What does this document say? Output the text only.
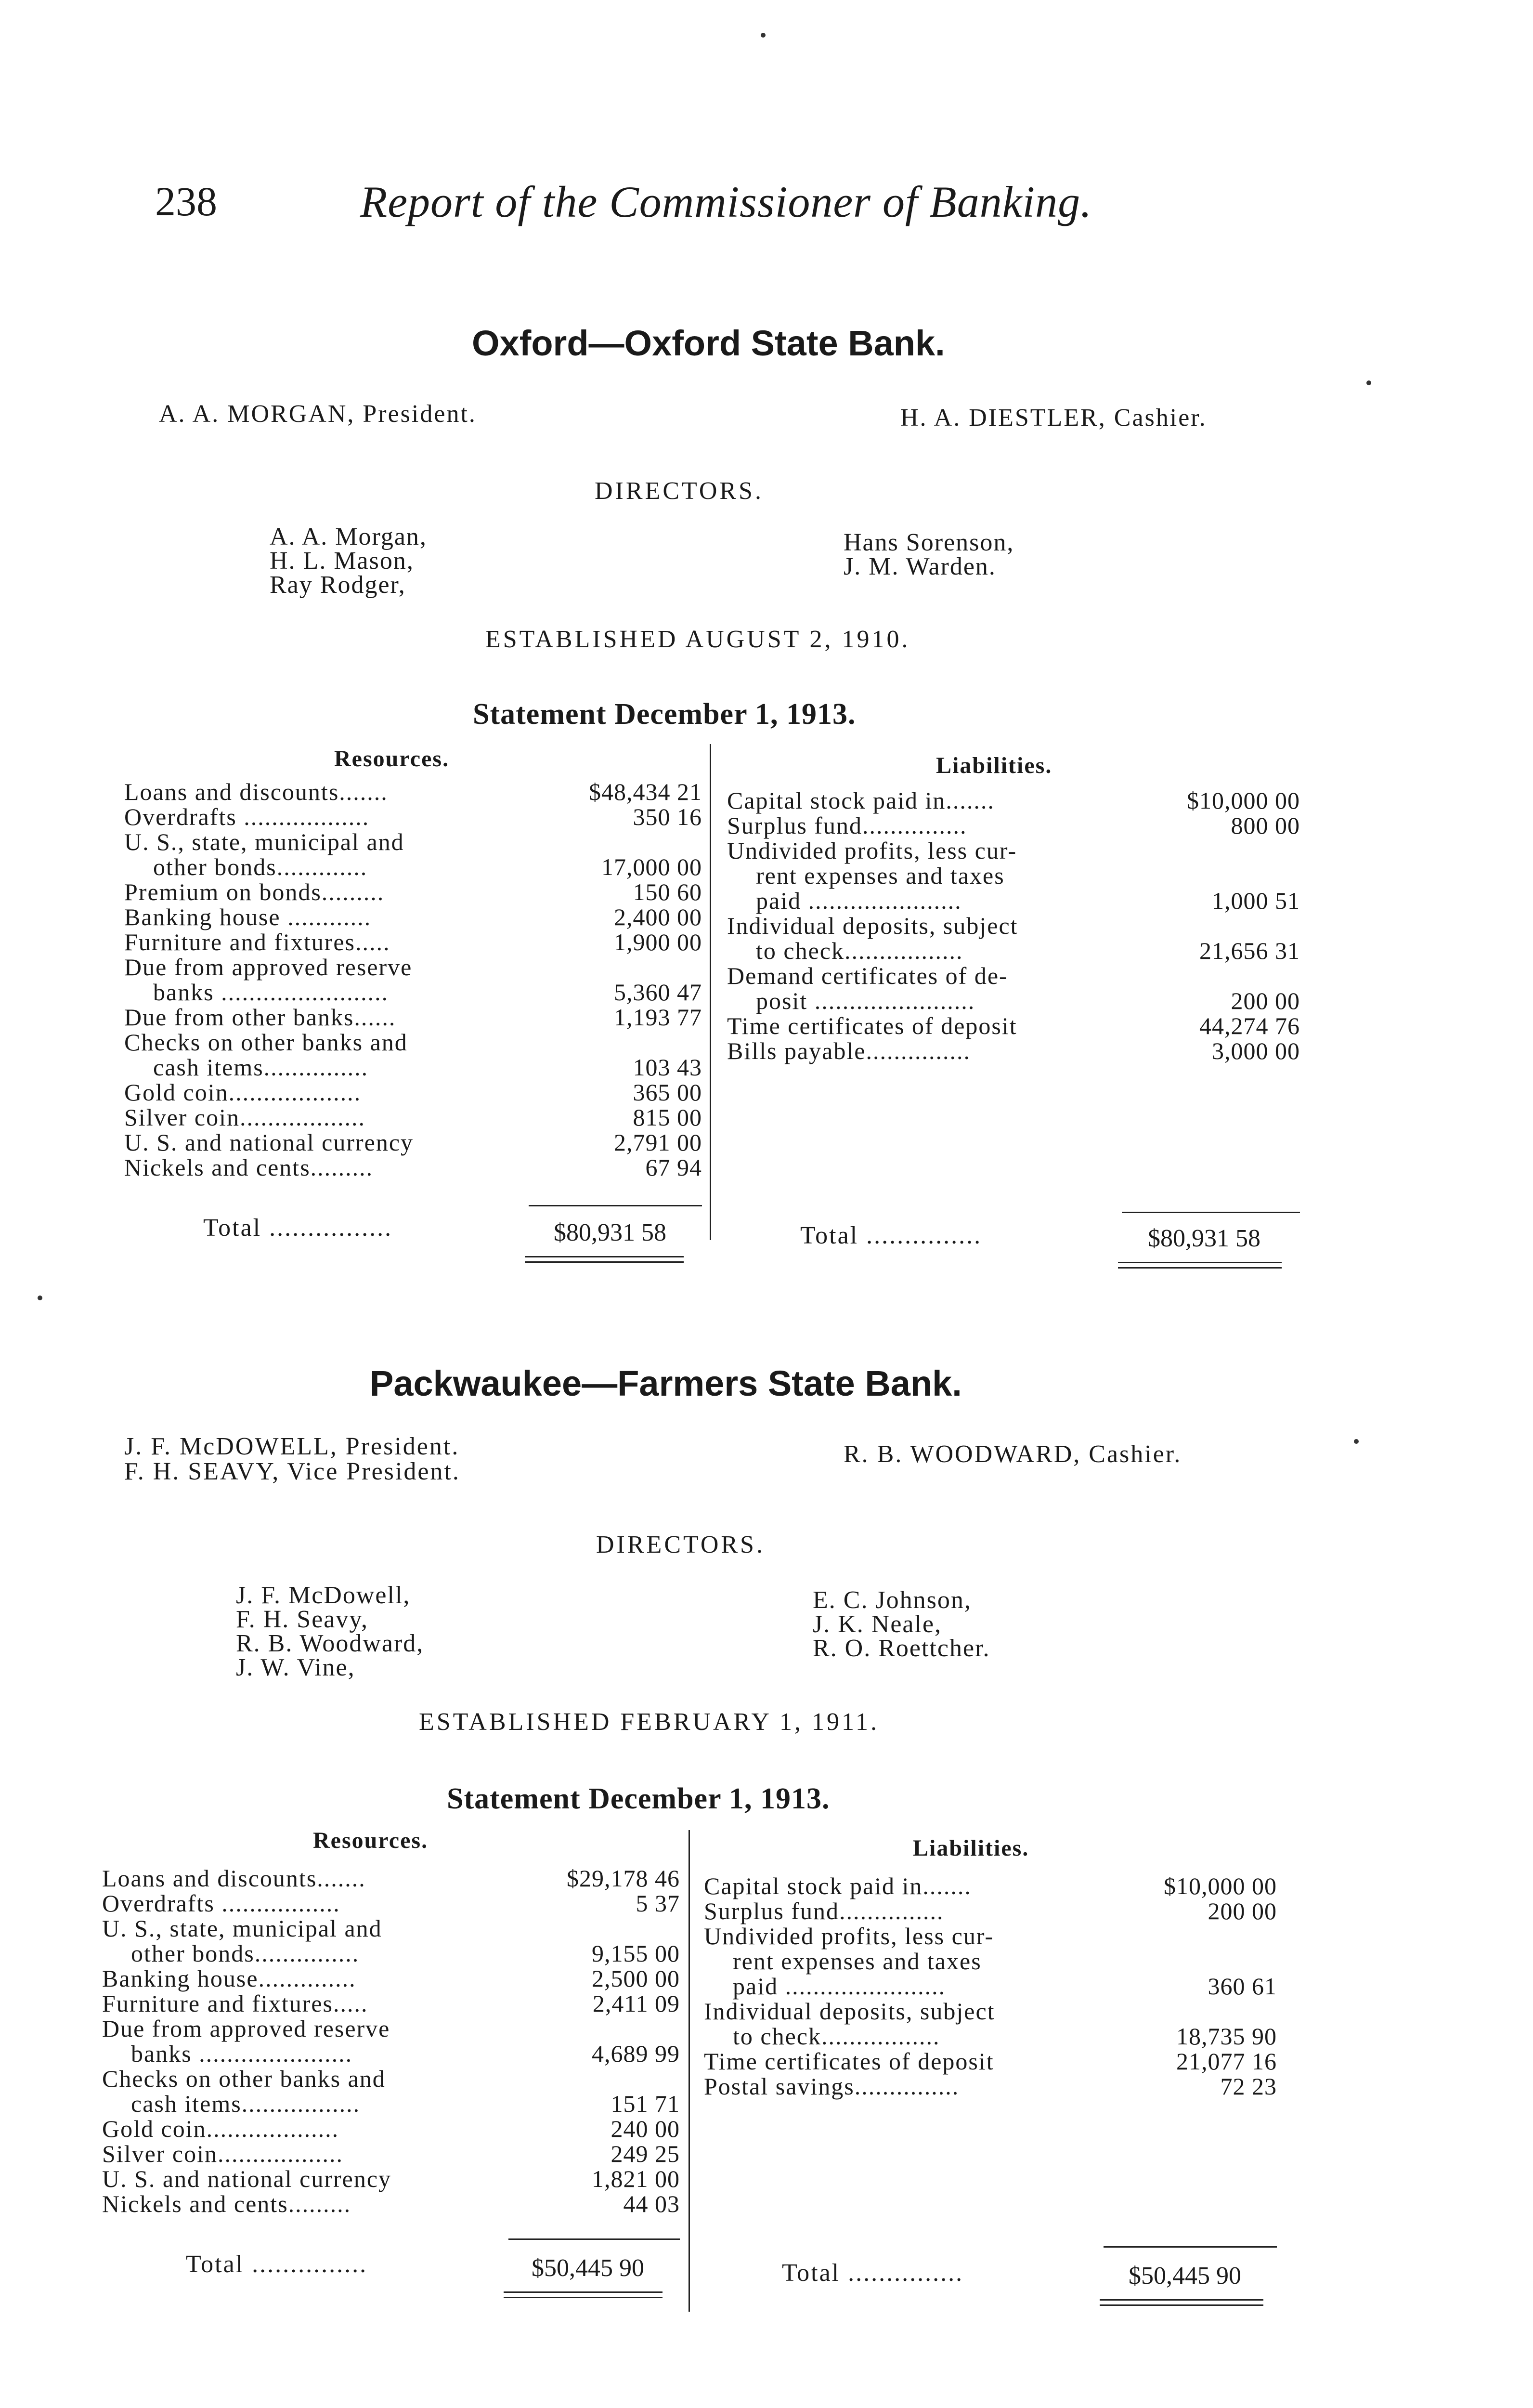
238	Report of the Commissioner of Banking.
Oxford—Oxford State Bank.
A. A. MORGAN, President.	H. A. DIESTLER, Cashier.
DIRECTORS.
A. A. Morgan,
H. L. Mason,
Ray Rodger,
Hans Sorenson,
J. M. Warden.
ESTABLISHED AUGUST 2, 1910.
Statement December 1, 1913.
Resources.	Liabilities.
Loans and discounts.......	$48,434 21
Overdrafts ..................	350 16
U. S., state, municipal and
other bonds.............	17,000 00
Premium on bonds.........	150 60
Banking house ............	2,400 00
Furniture and fixtures.....	1,900 00
Due from approved reserve
banks ........................	5,360 47
Due from other banks......	1,193 77
Checks on other banks and
cash items...............	103 43
Gold coin...................	365 00
Silver coin..................	815 00
U. S. and national currency	2,791 00
Nickels and cents.........	67 94
Total ................	$80,931 58
Capital stock paid in.......	$10,000 00
Surplus fund...............	800 00
Undivided profits, less cur-
rent expenses and taxes
paid ......................	1,000 51
Individual deposits, subject
to check.................	21,656 31
Demand certificates of de-
posit .......................	200 00
Time certificates of deposit	44,274 76
Bills payable...............	3,000 00
Total ...............	$80,931 58
Packwaukee—Farmers State Bank.
J. F. McDOWELL, President.
F. H. SEAVY, Vice President.
R. B. WOODWARD, Cashier.
DIRECTORS.
J. F. McDowell,
F. H. Seavy,
R. B. Woodward,
J. W. Vine,
E. C. Johnson,
J. K. Neale,
R. O. Roettcher.
ESTABLISHED FEBRUARY 1, 1911.
Statement December 1, 1913.
Resources.	Liabilities.
Loans and discounts.......	$29,178 46
Overdrafts .................	5 37
U. S., state, municipal and
other bonds...............	9,155 00
Banking house..............	2,500 00
Furniture and fixtures.....	2,411 09
Due from approved reserve
banks ......................	4,689 99
Checks on other banks and
cash items.................	151 71
Gold coin...................	240 00
Silver coin..................	249 25
U. S. and national currency	1,821 00
Nickels and cents.........	44 03
Total ...............	$50,445 90
Capital stock paid in.......	$10,000 00
Surplus fund...............	200 00
Undivided profits, less cur-
rent expenses and taxes
paid .......................	360 61
Individual deposits, subject
to check.................	18,735 90
Time certificates of deposit	21,077 16
Postal savings...............	72 23
Total ...............	$50,445 90
